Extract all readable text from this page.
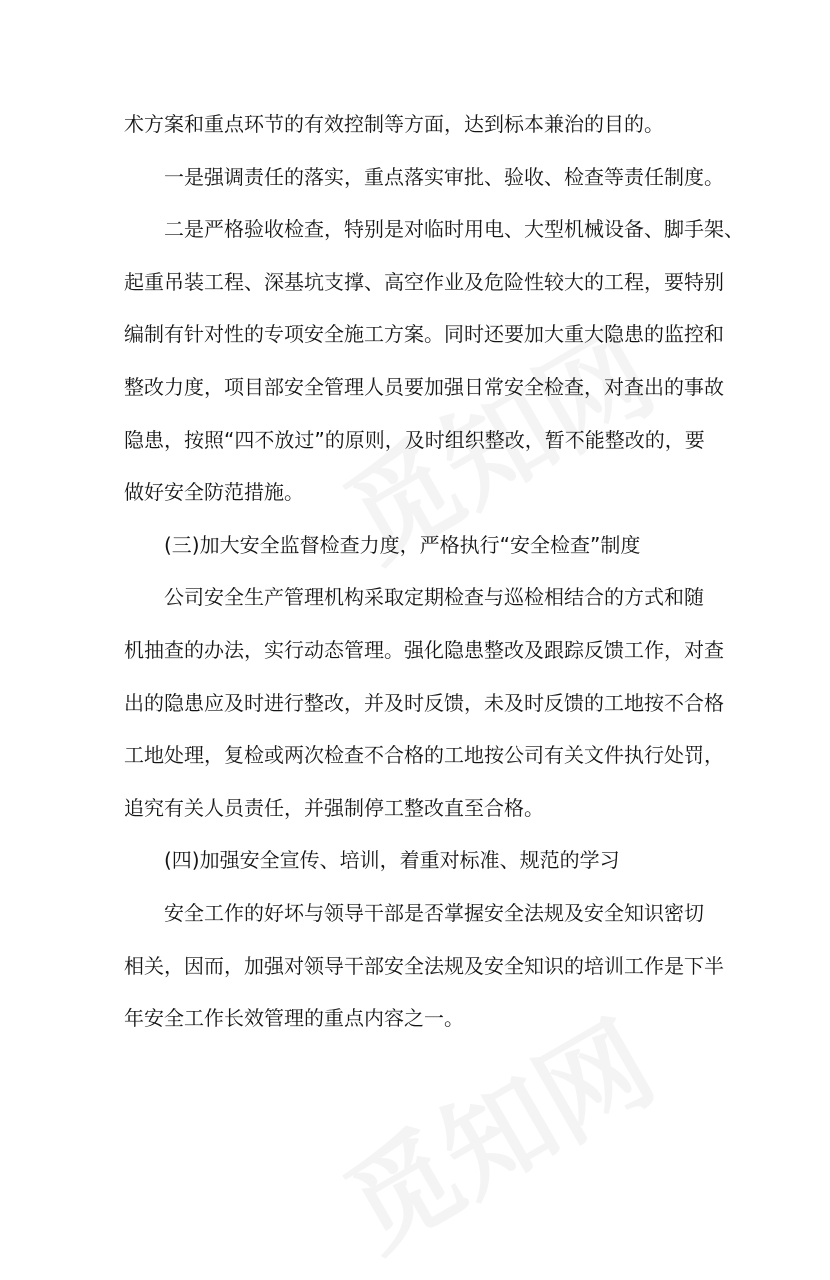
术方案和重点环节的有效控制等方面，达到标本兼治的目的。
一是强调责任的落实，重点落实审批、验收、检查等责任制度。
二是严格验收检查，特别是对临时用电、大型机械设备、脚手架、
起重吊装工程、深基坑支撑、高空作业及危险性较大的工程，要特别
编制有针对性的专项安全施工方案。同时还要加大重大隐患的监控和
整改力度，项目部安全管理人员要加强日常安全检查，对查出的事故
隐患，按照“四不放过”的原则，及时组织整改，暂不能整改的，要
做好安全防范措施。
(三)加大安全监督检查力度，严格执行“安全检查”制度
公司安全生产管理机构采取定期检查与巡检相结合的方式和随
机抽查的办法，实行动态管理。强化隐患整改及跟踪反馈工作，对查
出的隐患应及时进行整改，并及时反馈，未及时反馈的工地按不合格
工地处理，复检或两次检查不合格的工地按公司有关文件执行处罚，
追究有关人员责任，并强制停工整改直至合格。
(四)加强安全宣传、培训，着重对标准、规范的学习
安全工作的好坏与领导干部是否掌握安全法规及安全知识密切
相关，因而，加强对领导干部安全法规及安全知识的培训工作是下半
年安全工作长效管理的重点内容之一。
